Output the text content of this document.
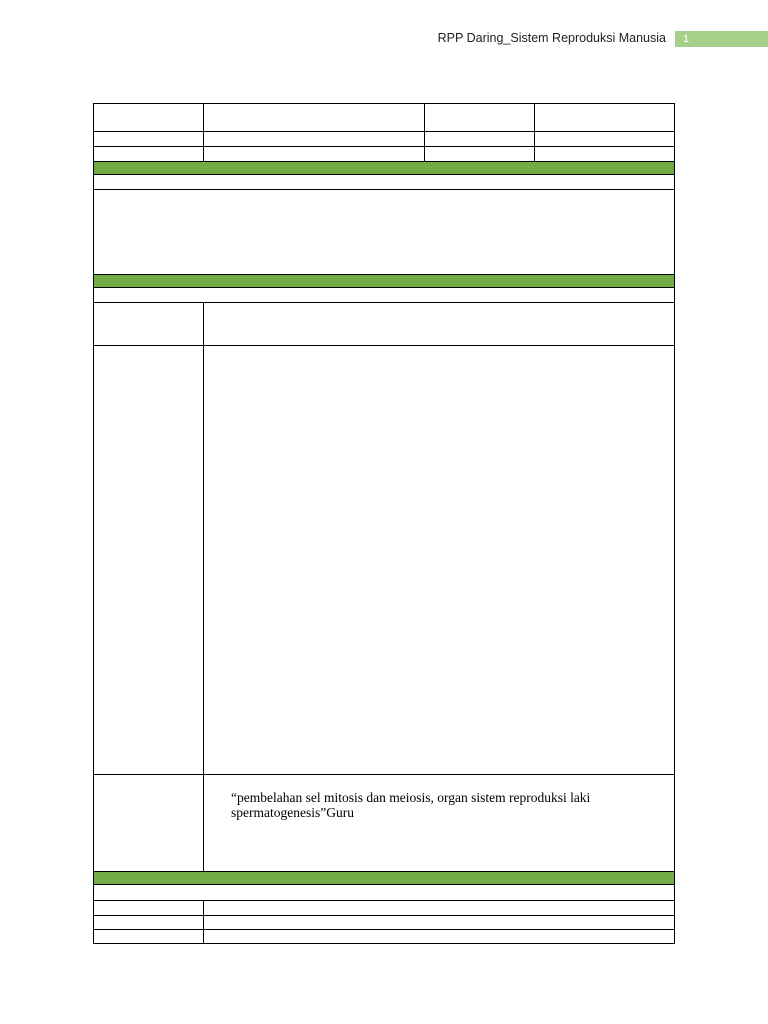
RPP Daring_Sistem Reproduksi Manusia	1
“pembelahan sel mitosis dan meiosis, organ sistem reproduksi laki spermatogenesis”Guru
